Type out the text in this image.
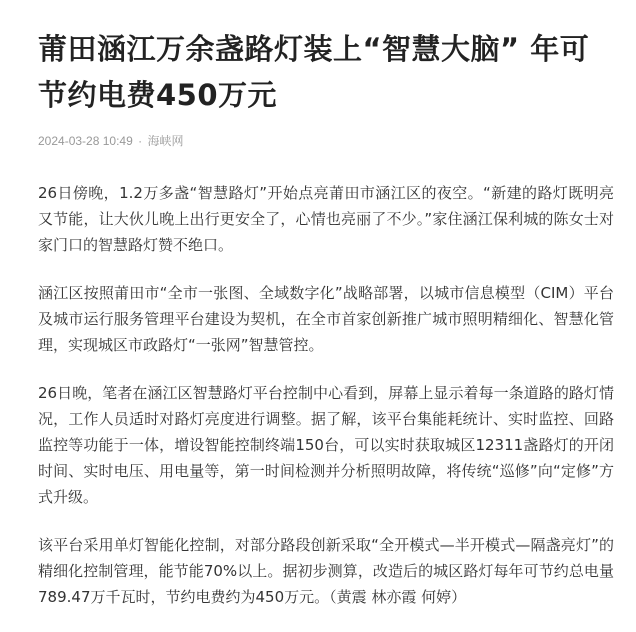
莆田涵江万余盏路灯装上“智慧大脑” 年可节约电费450万元
2024-03-28 10:49 · 海峡网

26日傍晚，1.2万多盏“智慧路灯”开始点亮莆田市涵江区的夜空。“新建的路灯既明亮又节能，让大伙儿晚上出行更安全了，心情也亮丽了不少。”家住涵江保利城的陈女士对家门口的智慧路灯赞不绝口。

涵江区按照莆田市“全市一张图、全域数字化”战略部署，以城市信息模型（CIM）平台及城市运行服务管理平台建设为契机，在全市首家创新推广城市照明精细化、智慧化管理，实现城区市政路灯“一张网”智慧管控。

26日晚，笔者在涵江区智慧路灯平台控制中心看到，屏幕上显示着每一条道路的路灯情况，工作人员适时对路灯亮度进行调整。据了解，该平台集能耗统计、实时监控、回路监控等功能于一体，增设智能控制终端150台，可以实时获取城区12311盏路灯的开闭时间、实时电压、用电量等，第一时间检测并分析照明故障，将传统“巡修”向“定修”方式升级。

该平台采用单灯智能化控制，对部分路段创新采取“全开模式—半开模式—隔盏亮灯”的精细化控制管理，能节能70%以上。据初步测算，改造后的城区路灯每年可节约总电量789.47万千瓦时，节约电费约为450万元。（黄震 林亦霞 何婷）
